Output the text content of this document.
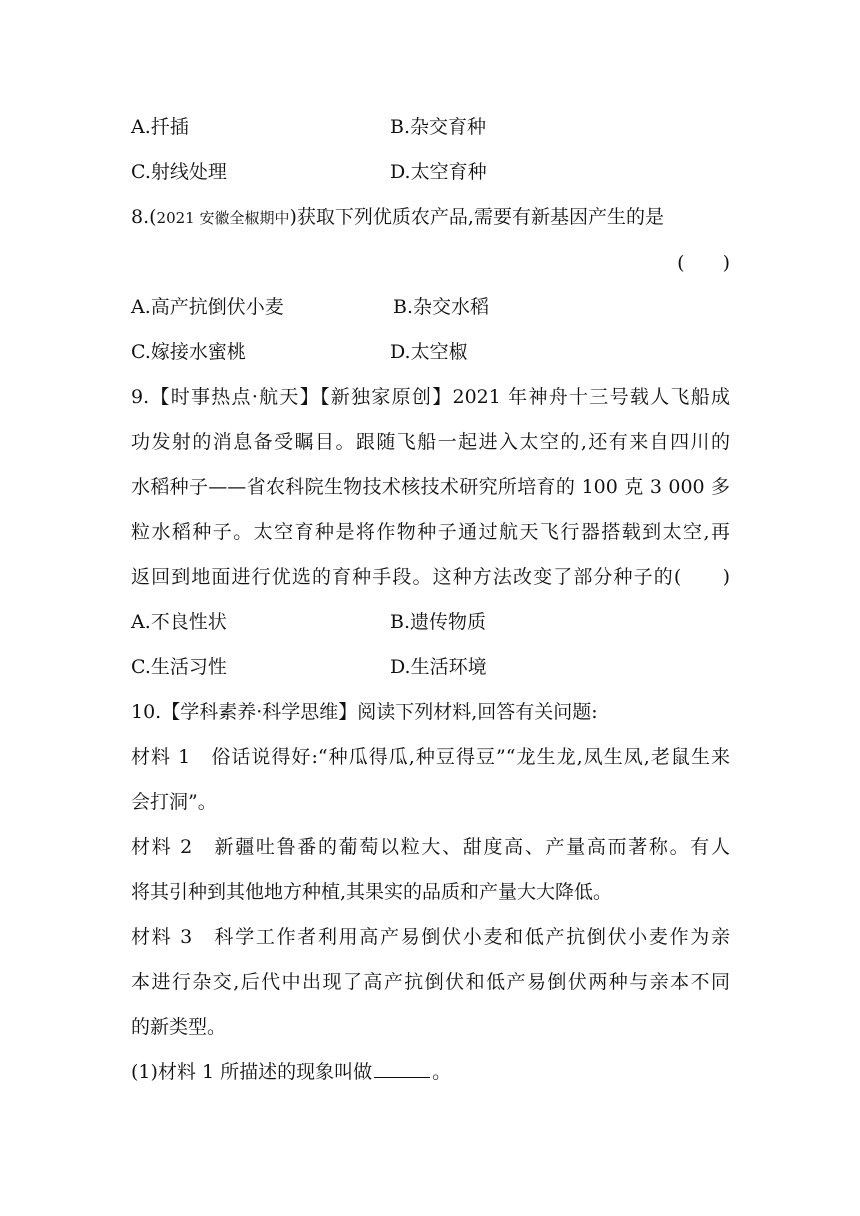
A.扦插	B.杂交育种
C.射线处理	D.太空育种
8.(2021 安徽全椒期中)获取下列优质农产品,需要有新基因产生的是
(　　)
A.高产抗倒伏小麦	B.杂交水稻
C.嫁接水蜜桃	D.太空椒
9.【时事热点·航天】【新独家原创】2021 年神舟十三号载人飞船成
功发射的消息备受瞩目。跟随飞船一起进入太空的,还有来自四川的
水稻种子——省农科院生物技术核技术研究所培育的 100 克 3 000 多
粒水稻种子。太空育种是将作物种子通过航天飞行器搭载到太空,再
返回到地面进行优选的育种手段。这种方法改变了部分种子的(　　)
A.不良性状	B.遗传物质
C.生活习性	D.生活环境
10.【学科素养·科学思维】阅读下列材料,回答有关问题:
材料 1　俗话说得好:“种瓜得瓜,种豆得豆”“龙生龙,凤生凤,老鼠生来
会打洞”。
材料 2　新疆吐鲁番的葡萄以粒大、甜度高、产量高而著称。有人
将其引种到其他地方种植,其果实的品质和产量大大降低。
材料 3　科学工作者利用高产易倒伏小麦和低产抗倒伏小麦作为亲
本进行杂交,后代中出现了高产抗倒伏和低产易倒伏两种与亲本不同
的新类型。
(1)材料 1 所描述的现象叫做	。
